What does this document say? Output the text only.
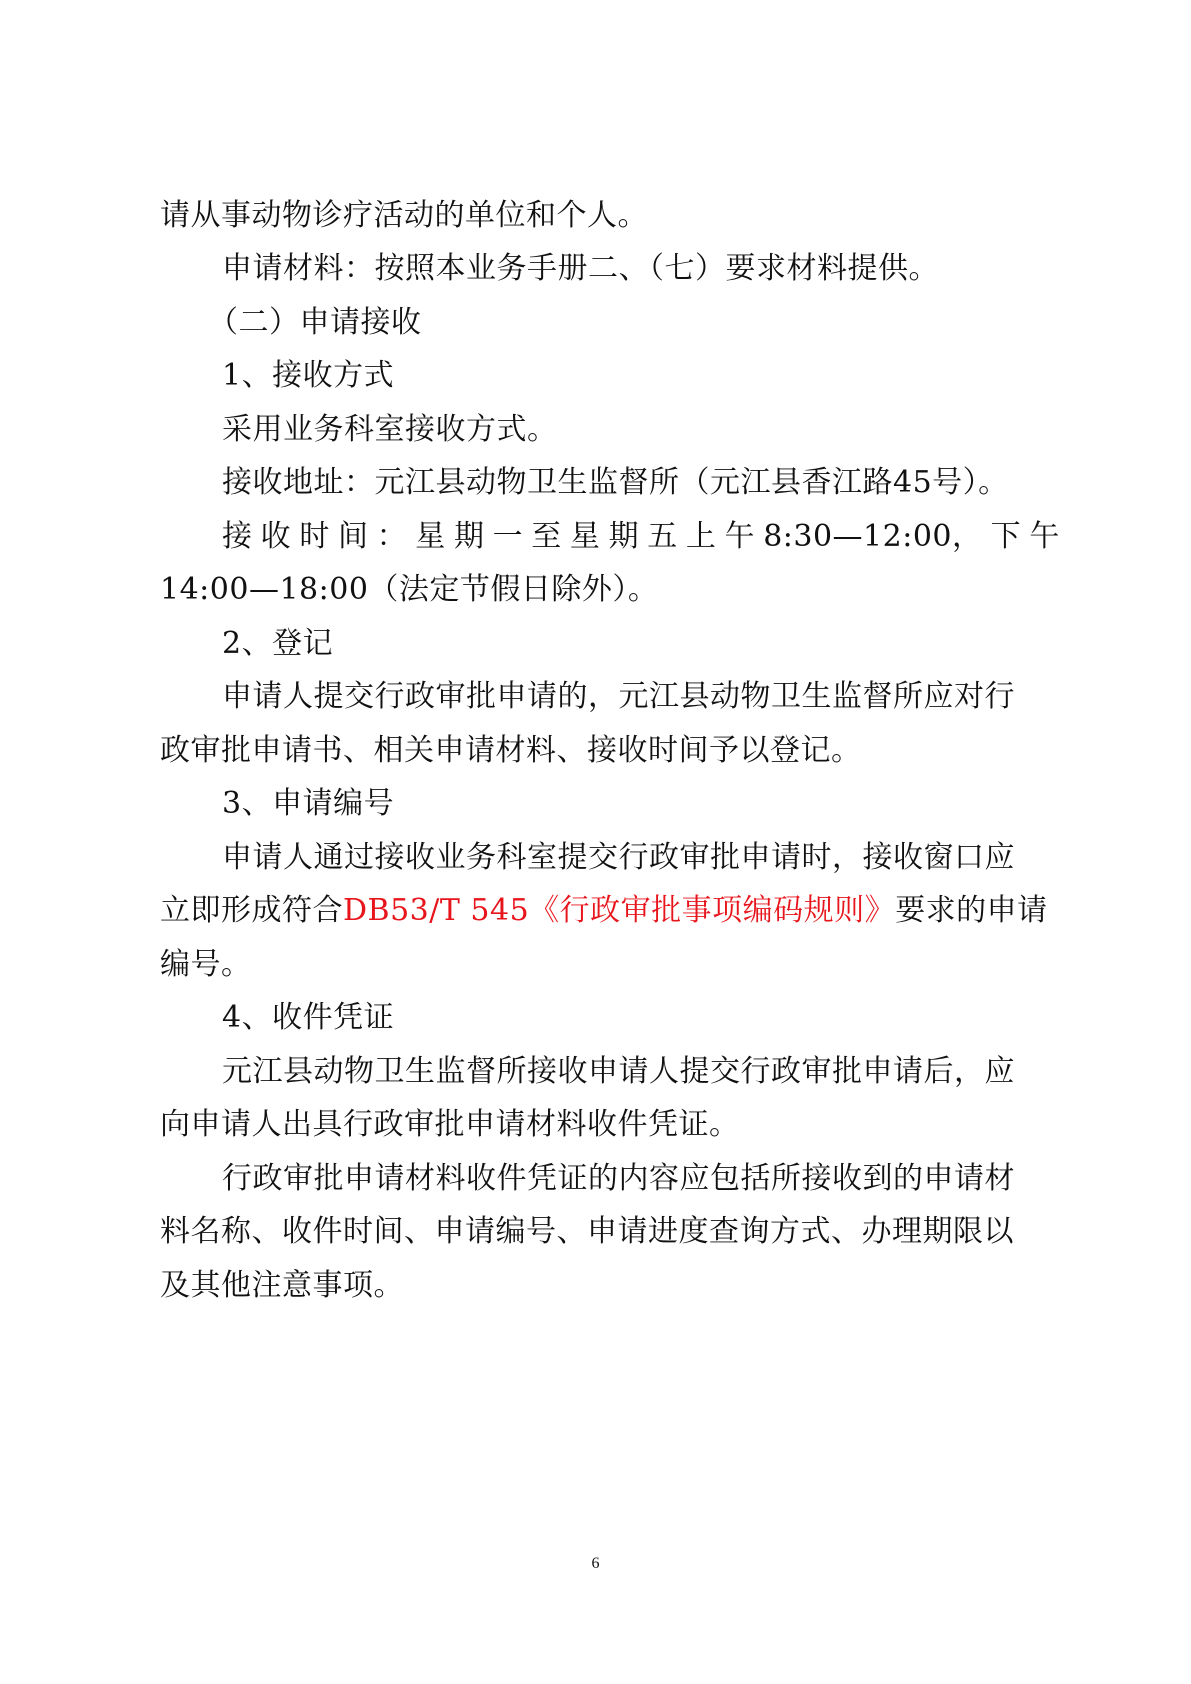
请从事动物诊疗活动的单位和个人。
申请材料：按照本业务手册二、（七）要求材料提供。
（二）申请接收
1、接收方式
采用业务科室接收方式。
接收地址：元江县动物卫生监督所（元江县香江路45号）。
接 收 时 间 ： 星 期 一 至 星 期 五 上 午 8:30—12:00， 下 午
14:00—18:00（法定节假日除外）。
2、登记
申请人提交行政审批申请的，元江县动物卫生监督所应对行
政审批申请书、相关申请材料、接收时间予以登记。
3、申请编号
申请人通过接收业务科室提交行政审批申请时，接收窗口应
立即形成符合DB53/T 545《行政审批事项编码规则》要求的申请
编号。
4、收件凭证
元江县动物卫生监督所接收申请人提交行政审批申请后，应
向申请人出具行政审批申请材料收件凭证。
行政审批申请材料收件凭证的内容应包括所接收到的申请材
料名称、收件时间、申请编号、申请进度查询方式、办理期限以
及其他注意事项。
6
